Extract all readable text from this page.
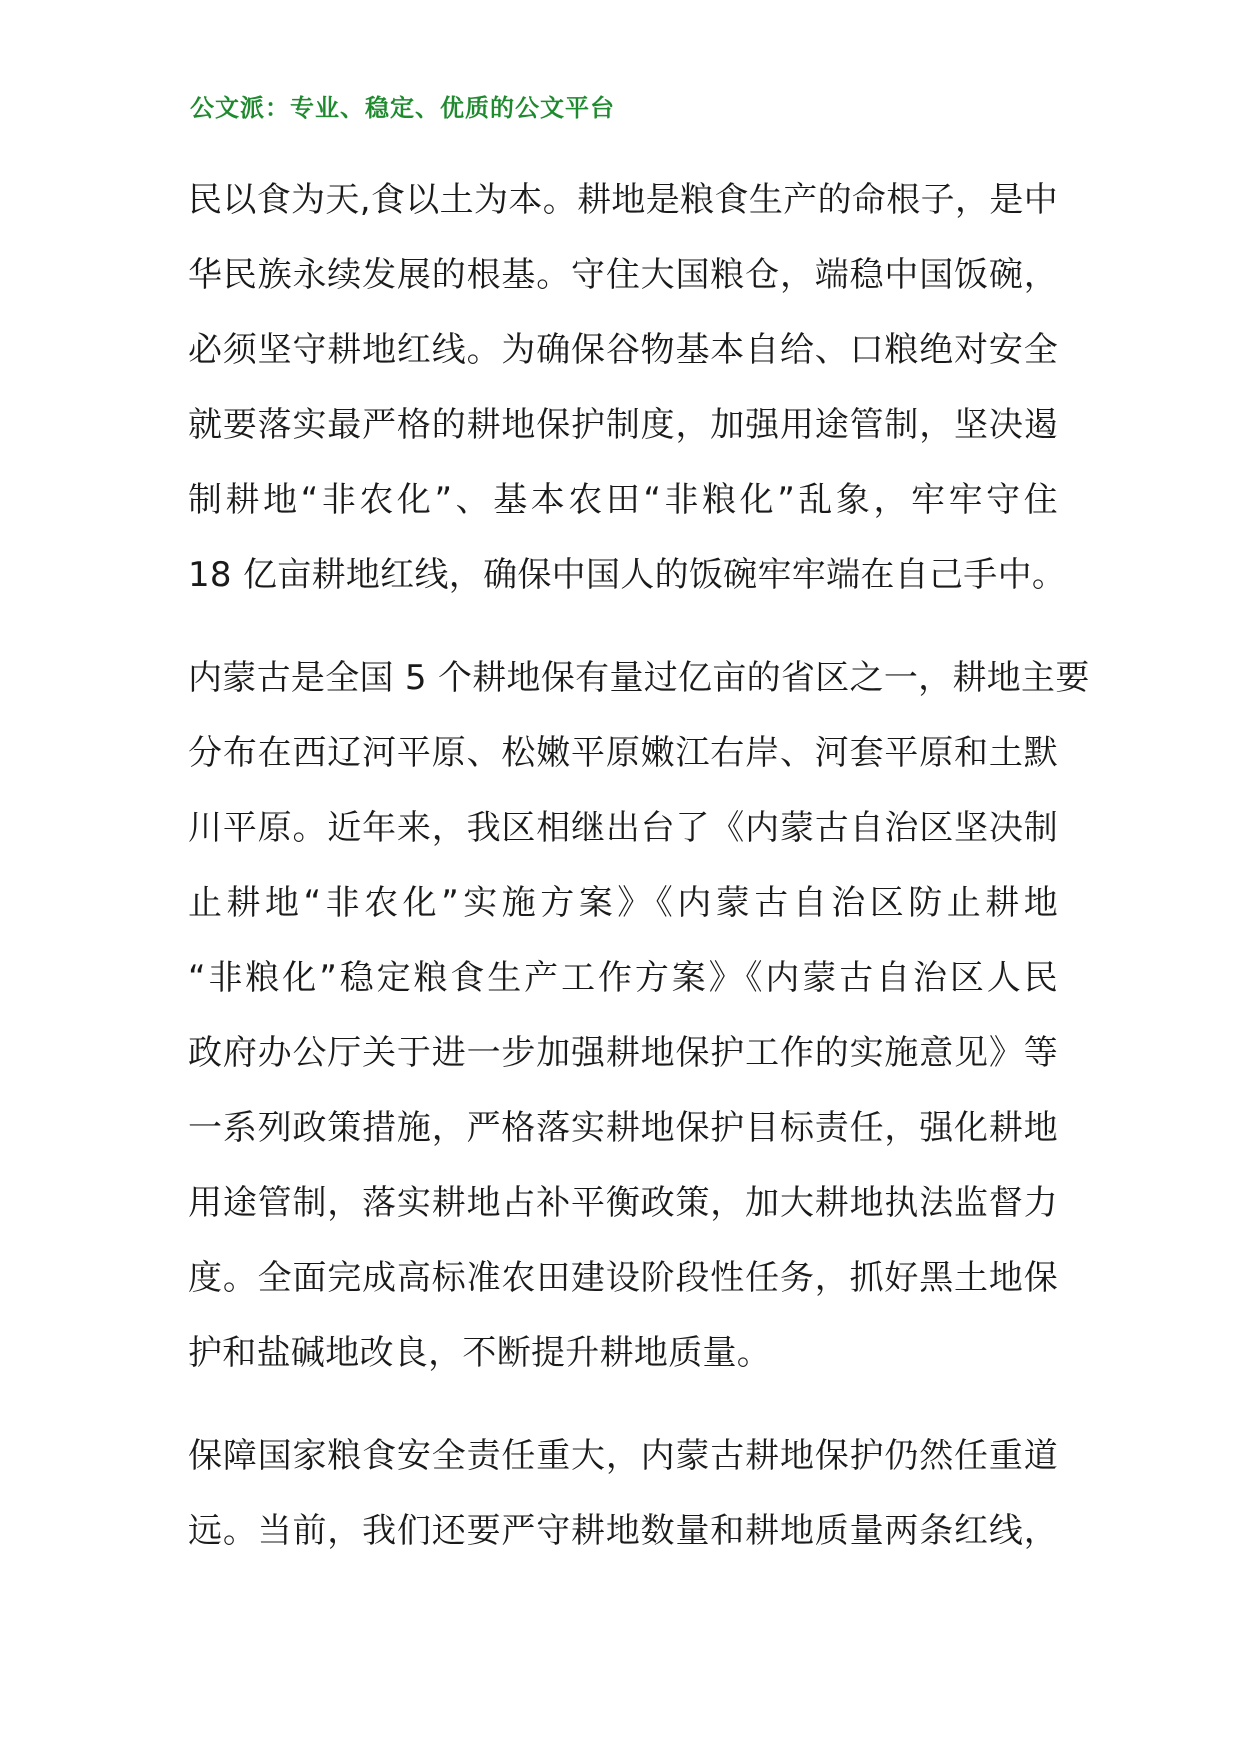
公文派：专业、稳定、优质的公文平台
民以食为天,食以土为本。耕地是粮食生产的命根子，是中
华民族永续发展的根基。守住大国粮仓，端稳中国饭碗，
必须坚守耕地红线。为确保谷物基本自给、口粮绝对安全
就要落实最严格的耕地保护制度，加强用途管制，坚决遏
制耕地“非农化”、基本农田“非粮化”乱象，牢牢守住
18 亿亩耕地红线，确保中国人的饭碗牢牢端在自己手中。
内蒙古是全国 5 个耕地保有量过亿亩的省区之一，耕地主要
分布在西辽河平原、松嫩平原嫩江右岸、河套平原和土默
川平原。近年来，我区相继出台了《内蒙古自治区坚决制
止耕地“非农化”实施方案》《内蒙古自治区防止耕地
“非粮化”稳定粮食生产工作方案》《内蒙古自治区人民
政府办公厅关于进一步加强耕地保护工作的实施意见》等
一系列政策措施，严格落实耕地保护目标责任，强化耕地
用途管制，落实耕地占补平衡政策，加大耕地执法监督力
度。全面完成高标准农田建设阶段性任务，抓好黑土地保
护和盐碱地改良，不断提升耕地质量。
保障国家粮食安全责任重大，内蒙古耕地保护仍然任重道
远。当前，我们还要严守耕地数量和耕地质量两条红线，
